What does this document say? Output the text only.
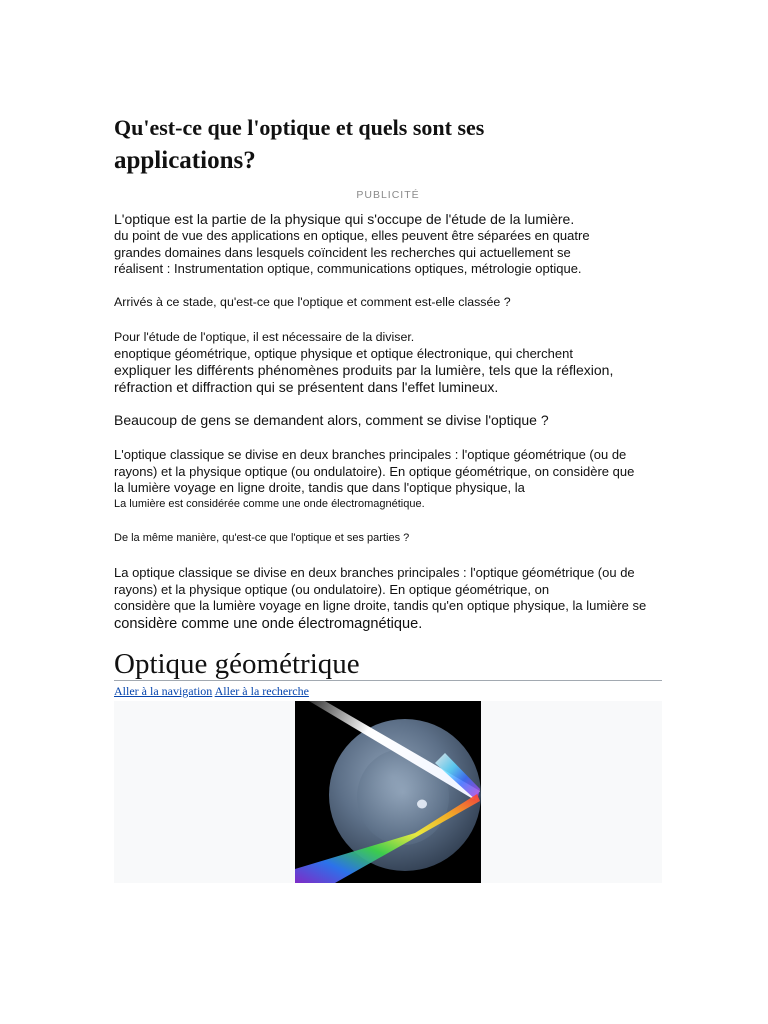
Qu'est-ce que l'optique et quels sont ses
applications?
PUBLICITÉ

L'optique est la partie de la physique qui s'occupe de l'étude de la lumière.
du point de vue des applications en optique, elles peuvent être séparées en quatre
grandes domaines dans lesquels coïncident les recherches qui actuellement se
réalisent : Instrumentation optique, communications optiques, métrologie optique.

Arrivés à ce stade, qu'est-ce que l'optique et comment est-elle classée ?

Pour l'étude de l'optique, il est nécessaire de la diviser.
enoptique géométrique, optique physique et optique électronique, qui cherchent
expliquer les différents phénomènes produits par la lumière, tels que la réflexion,
réfraction et diffraction qui se présentent dans l'effet lumineux.

Beaucoup de gens se demandent alors, comment se divise l'optique ?

L'optique classique se divise en deux branches principales : l'optique géométrique (ou de
rayons) et la physique optique (ou ondulatoire). En optique géométrique, on considère que
la lumière voyage en ligne droite, tandis que dans l'optique physique, la
La lumière est considérée comme une onde électromagnétique.

De la même manière, qu'est-ce que l'optique et ses parties ?

La optique classique se divise en deux branches principales : l'optique géométrique (ou de
rayons) et la physique optique (ou ondulatoire). En optique géométrique, on
considère que la lumière voyage en ligne droite, tandis qu'en optique physique, la lumière se
considère comme une onde électromagnétique.

Optique géométrique
Aller à la navigation Aller à la recherche
